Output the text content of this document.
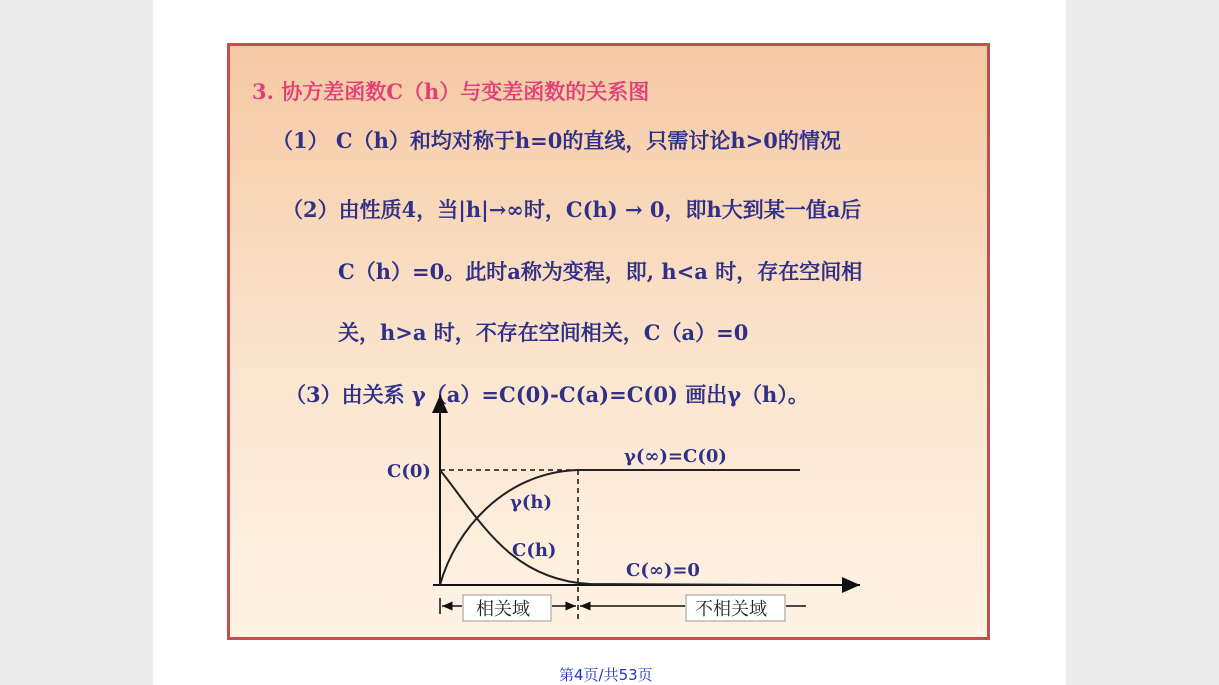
3. 协方差函数C（h）与变差函数的关系图
（1） C（h）和均对称于h=0的直线，只需讨论h>0的情况
（2）由性质4，当|h|→∞时，C(h) → 0，即h大到某一值a后
C（h）=0。此时a称为变程，即, h<a 时，存在空间相
关，h>a 时，不存在空间相关，C（a）=0
（3）由关系 γ（a）=C(0)-C(a)=C(0) 画出γ（h）。
C(0)
γ(∞)=C(0)
γ(h)
C(h)
C(∞)=0
相关域	不相关域
第4页/共53页
